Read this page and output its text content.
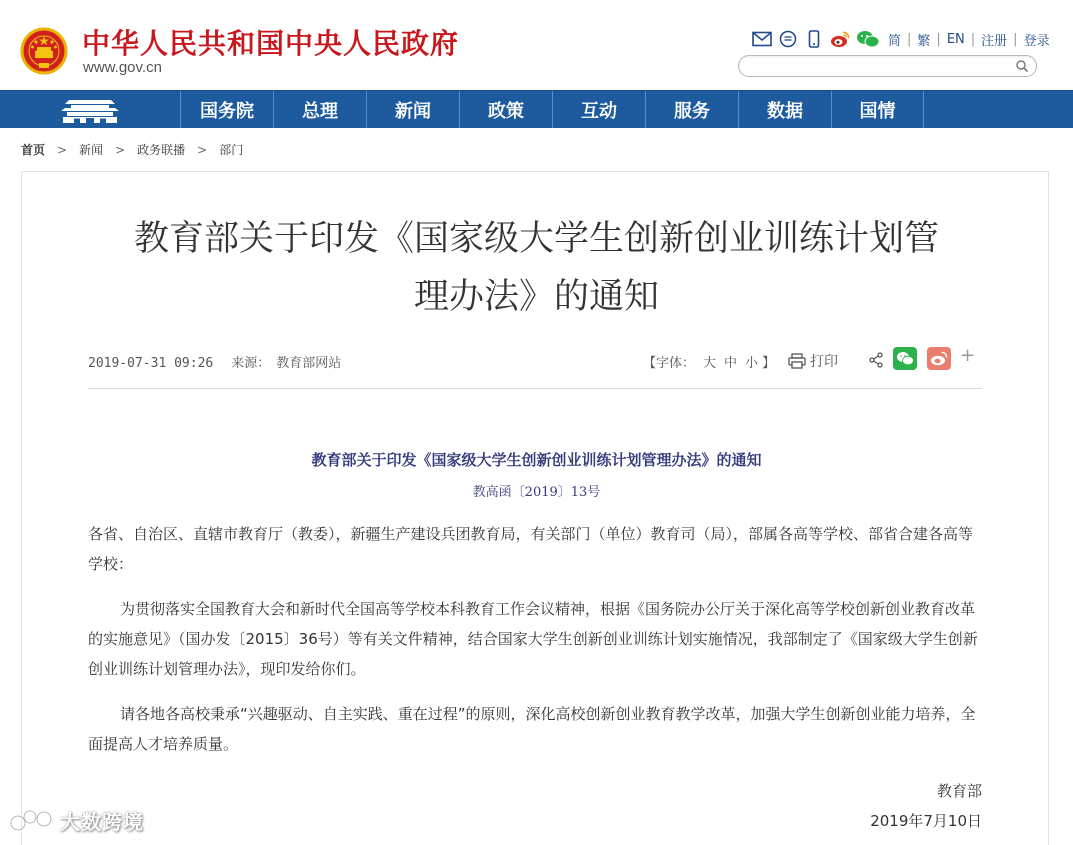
中华人民共和国中央人民政府
www.gov.cn
简 | 繁 | EN | 注册 | 登录
国务院	总理	新闻	政策	互动	服务	数据	国情
首页 > 新闻 > 政务联播 > 部门
教育部关于印发《国家级大学生创新创业训练计划管
理办法》的通知
2019-07-31 09:26 来源： 教育部网站	【字体： 大 中 小 】 打印	+
教育部关于印发《国家级大学生创新创业训练计划管理办法》的通知
教高函〔2019〕13号

各省、自治区、直辖市教育厅（教委），新疆生产建设兵团教育局，有关部门（单位）教育司（局），部属各高等学校、部省合建各高等学校：

为贯彻落实全国教育大会和新时代全国高等学校本科教育工作会议精神，根据《国务院办公厅关于深化高等学校创新创业教育改革的实施意见》（国办发〔2015〕36号）等有关文件精神，结合国家大学生创新创业训练计划实施情况，我部制定了《国家级大学生创新创业训练计划管理办法》，现印发给你们。

请各地各高校秉承“兴趣驱动、自主实践、重在过程”的原则，深化高校创新创业教育教学改革，加强大学生创新创业能力培养，全面提高人才培养质量。

教育部
2019年7月10日
大数跨境
